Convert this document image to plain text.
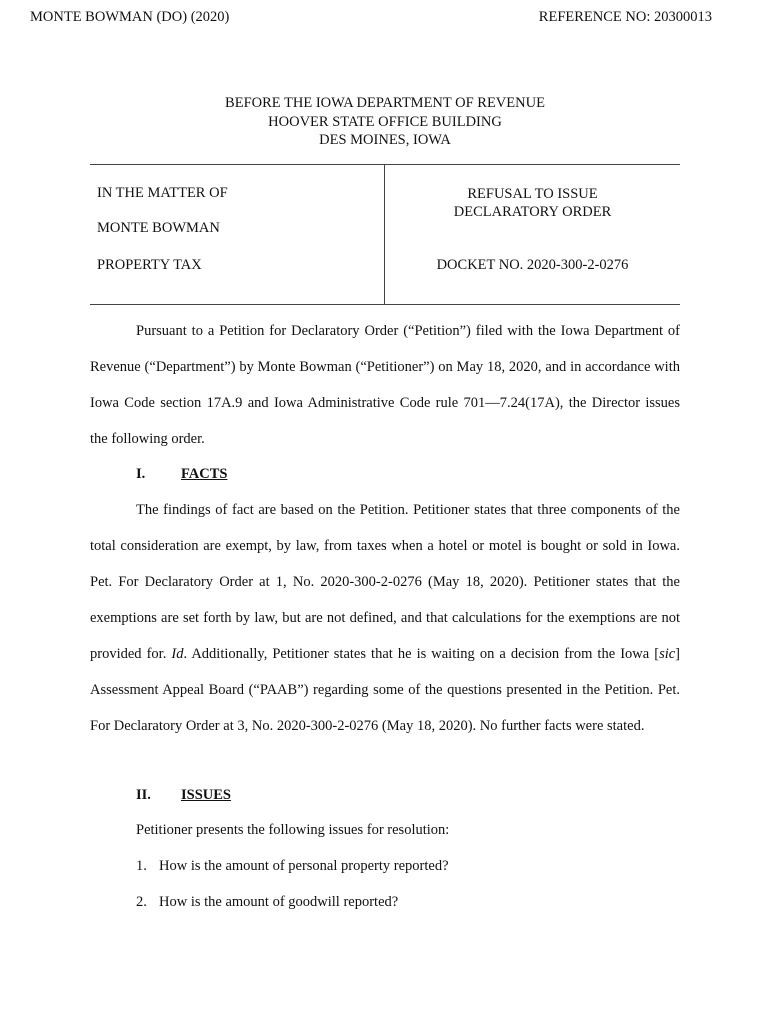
MONTE BOWMAN (DO) (2020)	REFERENCE NO: 20300013
BEFORE THE IOWA DEPARTMENT OF REVENUE
HOOVER STATE OFFICE BUILDING
DES MOINES, IOWA
IN THE MATTER OF
MONTE BOWMAN
PROPERTY TAX
REFUSAL TO ISSUE
DECLARATORY ORDER
DOCKET NO. 2020-300-2-0276

Pursuant to a Petition for Declaratory Order (“Petition”) filed with the Iowa Department of Revenue (“Department”) by Monte Bowman (“Petitioner”) on May 18, 2020, and in accordance with Iowa Code section 17A.9 and Iowa Administrative Code rule 701—7.24(17A), the Director issues the following order.

I. FACTS

The findings of fact are based on the Petition. Petitioner states that three components of the total consideration are exempt, by law, from taxes when a hotel or motel is bought or sold in Iowa. Pet. For Declaratory Order at 1, No. 2020-300-2-0276 (May 18, 2020). Petitioner states that the exemptions are set forth by law, but are not defined, and that calculations for the exemptions are not provided for. Id. Additionally, Petitioner states that he is waiting on a decision from the Iowa [sic] Assessment Appeal Board (“PAAB”) regarding some of the questions presented in the Petition. Pet. For Declaratory Order at 3, No. 2020-300-2-0276 (May 18, 2020). No further facts were stated.

II. ISSUES
Petitioner presents the following issues for resolution:
1. How is the amount of personal property reported?
2. How is the amount of goodwill reported?
